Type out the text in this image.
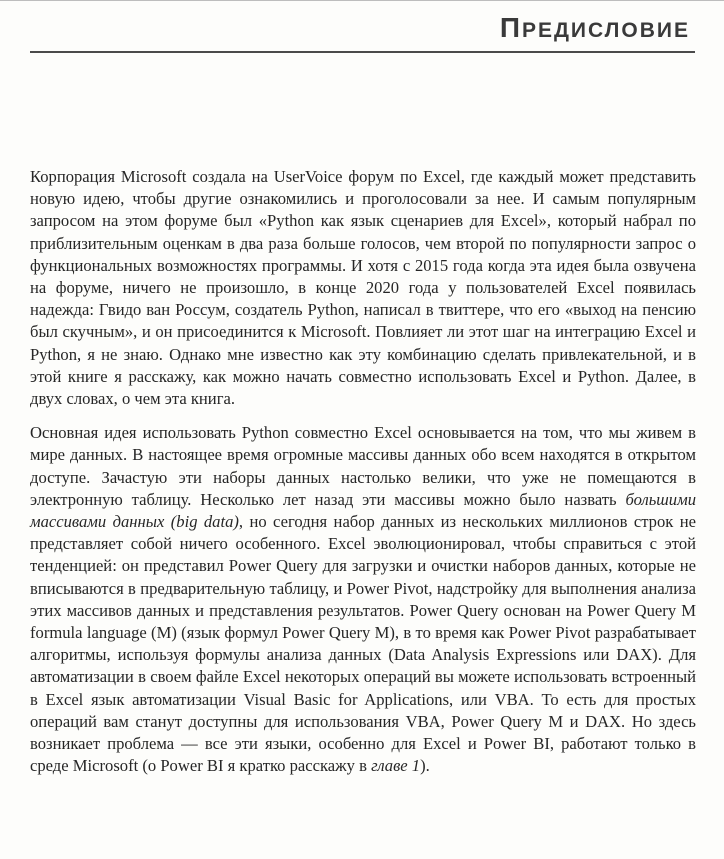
ПРЕДИСЛОВИЕ

Корпорация Microsoft создала на UserVoice форум по Excel, где каждый может представить новую идею, чтобы другие ознакомились и проголосовали за нее. И самым популярным запросом на этом форуме был «Python как язык сценариев для Excel», который набрал по приблизительным оценкам в два раза больше голосов, чем второй по популярности запрос о функциональных возможностях программы. И хотя с 2015 года когда эта идея была озвучена на форуме, ничего не произошло, в конце 2020 года у пользователей Excel появилась надежда: Гвидо ван Россум, создатель Python, написал в твиттере, что его «выход на пенсию был скучным», и он присоединится к Microsoft. Повлияет ли этот шаг на интеграцию Excel и Python, я не знаю. Однако мне известно как эту комбинацию сделать привлекательной, и в этой книге я расскажу, как можно начать совместно использовать Excel и Python. Далее, в двух словах, о чем эта книга.

Основная идея использовать Python совместно Excel основывается на том, что мы живем в мире данных. В настоящее время огромные массивы данных обо всем находятся в открытом доступе. Зачастую эти наборы данных настолько велики, что уже не помещаются в электронную таблицу. Несколько лет назад эти массивы можно было назвать большими массивами данных (big data), но сегодня набор данных из нескольких миллионов строк не представляет собой ничего особенного. Excel эволюционировал, чтобы справиться с этой тенденцией: он представил Power Query для загрузки и очистки наборов данных, которые не вписываются в предварительную таблицу, и Power Pivot, надстройку для выполнения анализа этих массивов данных и представления результатов. Power Query основан на Power Query M formula language (M) (язык формул Power Query M), в то время как Power Pivot разрабатывает алгоритмы, используя формулы анализа данных (Data Analysis Expressions или DAX). Для автоматизации в своем файле Excel некоторых операций вы можете использовать встроенный в Excel язык автоматизации Visual Basic for Applications, или VBA. То есть для простых операций вам станут доступны для использования VBA, Power Query M и DAX. Но здесь возникает проблема — все эти языки, особенно для Excel и Power BI, работают только в среде Microsoft (о Power BI я кратко расскажу в главе 1).
